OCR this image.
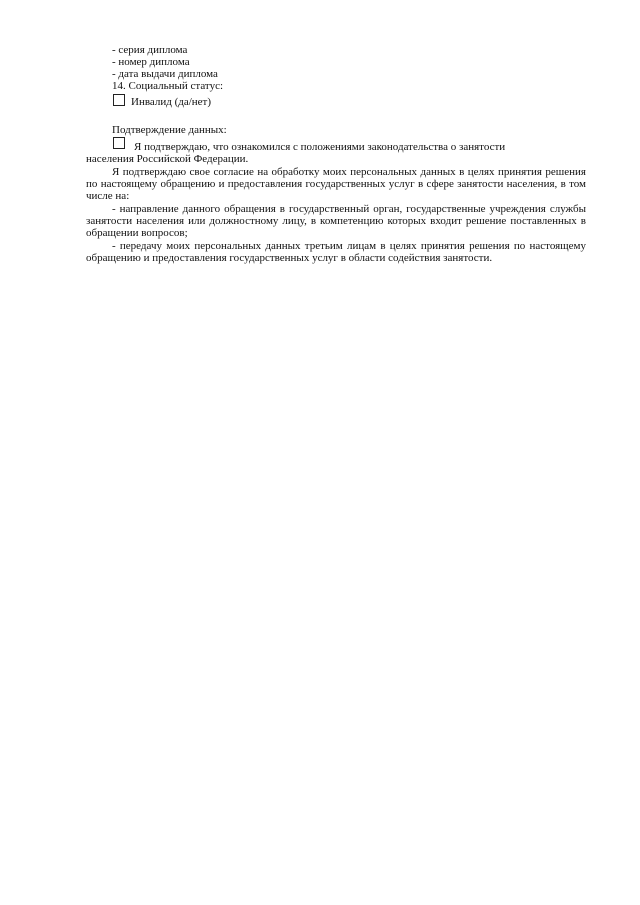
- серия диплома
- номер диплома
- дата выдачи диплома
14. Социальный статус:
Инвалид (да/нет)
Подтверждение данных:
Я подтверждаю, что ознакомился с положениями законодательства о занятости
населения Российской Федерации.
Я подтверждаю свое согласие на обработку моих персональных данных в целях принятия решения по настоящему обращению и предоставления государственных услуг в сфере занятости населения, в том числе на:
- направление данного обращения в государственный орган, государственные учреждения службы занятости населения или должностному лицу, в компетенцию которых входит решение поставленных в обращении вопросов;
- передачу моих персональных данных третьим лицам в целях принятия решения по настоящему обращению и предоставления государственных услуг в области содействия занятости.
